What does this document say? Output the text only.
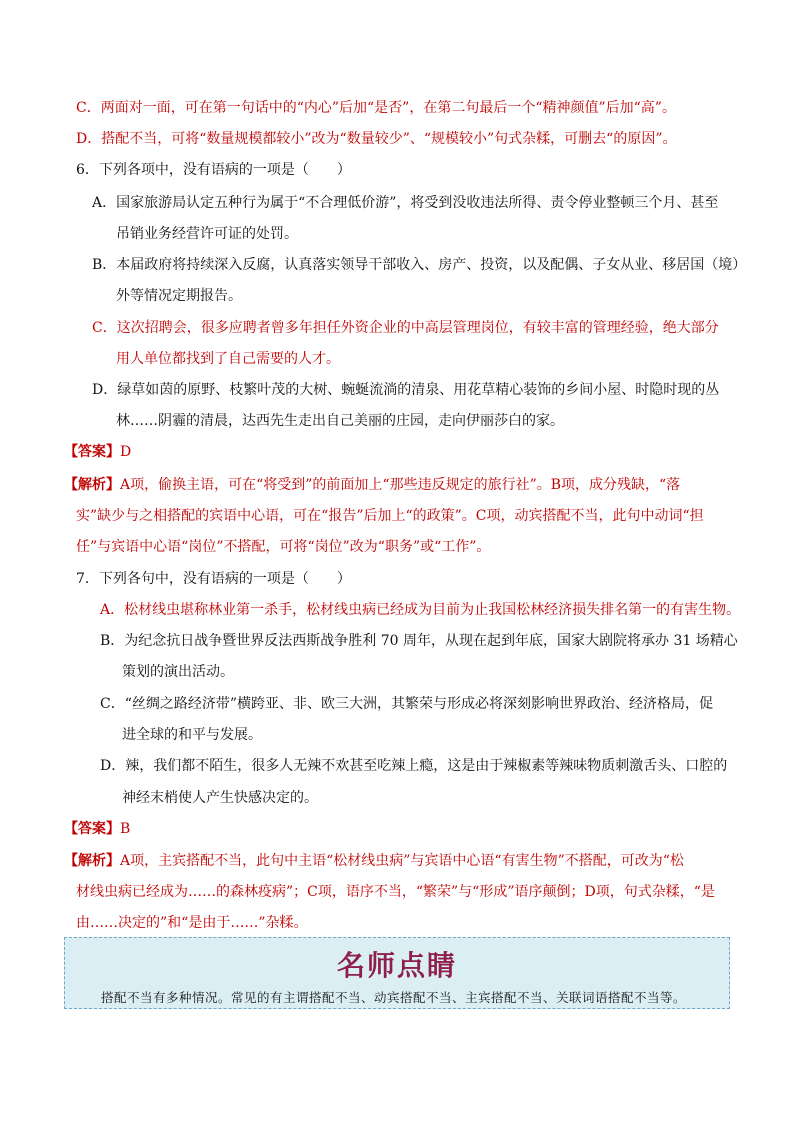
C．两面对一面，可在第一句话中的“内心”后加“是否”，在第二句最后一个“精神颜值”后加“高”。
D．搭配不当，可将“数量规模都较小”改为“数量较少”、“规模较小”句式杂糅，可删去“的原因”。
6．下列各项中，没有语病的一项是（　　）
A．国家旅游局认定五种行为属于“不合理低价游”，将受到没收违法所得、责令停业整顿三个月、甚至
吊销业务经营许可证的处罚。
B．本届政府将持续深入反腐，认真落实领导干部收入、房产、投资，以及配偶、子女从业、移居国（境）
外等情况定期报告。
C．这次招聘会，很多应聘者曾多年担任外资企业的中高层管理岗位，有较丰富的管理经验，绝大部分
用人单位都找到了自己需要的人才。
D．绿草如茵的原野、枝繁叶茂的大树、蜿蜒流淌的清泉、用花草精心装饰的乡间小屋、时隐时现的丛
林……阴霾的清晨，达西先生走出自己美丽的庄园，走向伊丽莎白的家。
【答案】D
【解析】A项，偷换主语，可在“将受到”的前面加上“那些违反规定的旅行社”。B项，成分残缺，“落
实”缺少与之相搭配的宾语中心语，可在“报告”后加上“的政策”。C项，动宾搭配不当，此句中动词“担
任”与宾语中心语“岗位”不搭配，可将“岗位”改为“职务”或“工作”。
7．下列各句中，没有语病的一项是（　　）
A．松材线虫堪称林业第一杀手，松材线虫病已经成为目前为止我国松林经济损失排名第一的有害生物。
B．为纪念抗日战争暨世界反法西斯战争胜利 70 周年，从现在起到年底，国家大剧院将承办 31 场精心
策划的演出活动。
C．“丝绸之路经济带”横跨亚、非、欧三大洲，其繁荣与形成必将深刻影响世界政治、经济格局，促
进全球的和平与发展。
D．辣，我们都不陌生，很多人无辣不欢甚至吃辣上瘾，这是由于辣椒素等辣味物质刺激舌头、口腔的
神经末梢使人产生快感决定的。
【答案】B
【解析】A项，主宾搭配不当，此句中主语“松材线虫病”与宾语中心语“有害生物”不搭配，可改为“松
材线虫病已经成为……的森林疫病”；C项，语序不当，“繁荣”与“形成”语序颠倒；D项，句式杂糅，“是
由……决定的”和“是由于……”杂糅。
名师点睛
搭配不当有多种情况。常见的有主谓搭配不当、动宾搭配不当、主宾搭配不当、关联词语搭配不当等。
